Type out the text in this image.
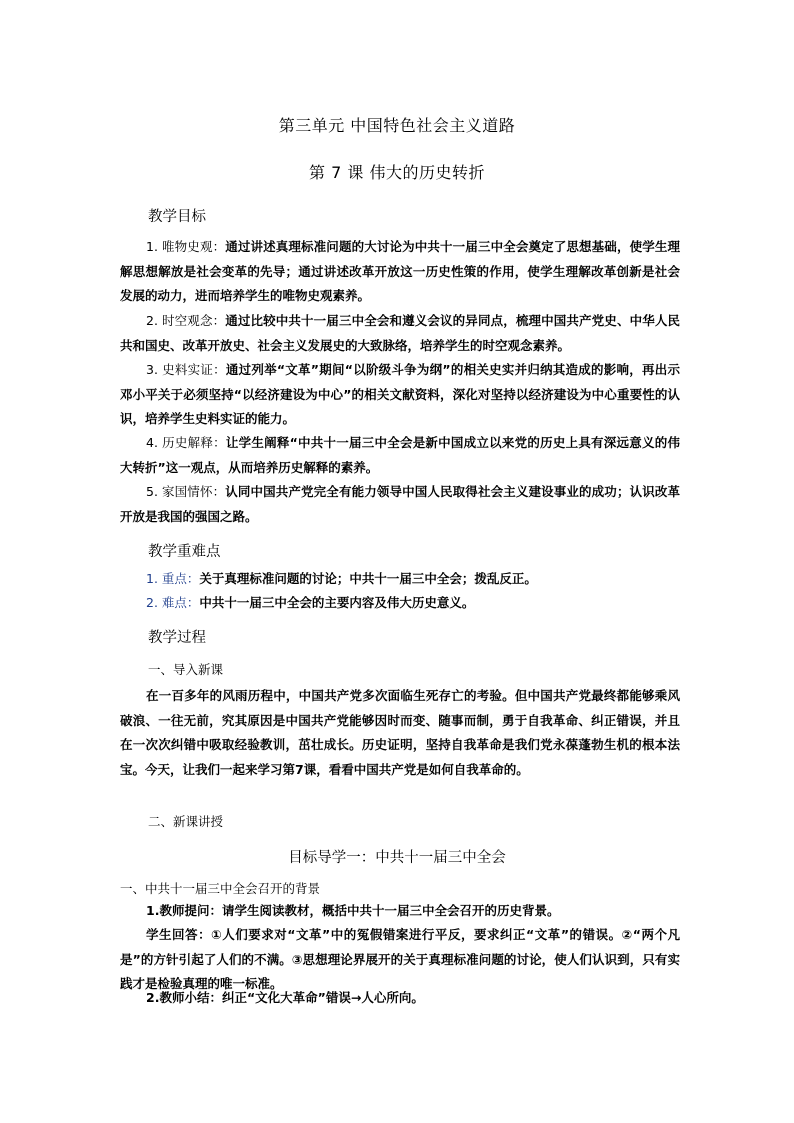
第三单元 中国特色社会主义道路
第 7 课 伟大的历史转折
教学目标
1. 唯物史观：通过讲述真理标准问题的大讨论为中共十一届三中全会奠定了思想基础，使学生理解思想解放是社会变革的先导；通过讲述改革开放这一历史性策的作用，使学生理解改革创新是社会发展的动力，进而培养学生的唯物史观素养。
2. 时空观念：通过比较中共十一届三中全会和遵义会议的异同点，梳理中国共产党史、中华人民共和国史、改革开放史、社会主义发展史的大致脉络，培养学生的时空观念素养。
3. 史料实证：通过列举“文革”期间“以阶级斗争为纲”的相关史实并归纳其造成的影响，再出示邓小平关于必须坚持“以经济建设为中心”的相关文献资料，深化对坚持以经济建设为中心重要性的认识，培养学生史料实证的能力。
4. 历史解释：让学生阐释“中共十一届三中全会是新中国成立以来党的历史上具有深远意义的伟大转折”这一观点，从而培养历史解释的素养。
5. 家国情怀：认同中国共产党完全有能力领导中国人民取得社会主义建设事业的成功；认识改革开放是我国的强国之路。
教学重难点
1. 重点：关于真理标准问题的讨论；中共十一届三中全会；拨乱反正。
2. 难点：中共十一届三中全会的主要内容及伟大历史意义。
教学过程
一、导入新课
在一百多年的风雨历程中，中国共产党多次面临生死存亡的考验。但中国共产党最终都能够乘风破浪、一往无前，究其原因是中国共产党能够因时而变、随事而制，勇于自我革命、纠正错误，并且在一次次纠错中吸取经验教训，茁壮成长。历史证明，坚持自我革命是我们党永葆蓬勃生机的根本法宝。今天，让我们一起来学习第7课，看看中国共产党是如何自我革命的。
二、新课讲授
目标导学一：中共十一届三中全会
一、中共十一届三中全会召开的背景
1.教师提问：请学生阅读教材，概括中共十一届三中全会召开的历史背景。
学生回答：①人们要求对“文革”中的冤假错案进行平反，要求纠正“文革”的错误。②“两个凡是”的方针引起了人们的不满。③思想理论界展开的关于真理标准问题的讨论，使人们认识到，只有实践才是检验真理的唯一标准。
2.教师小结：纠正“文化大革命”错误→人心所向。
